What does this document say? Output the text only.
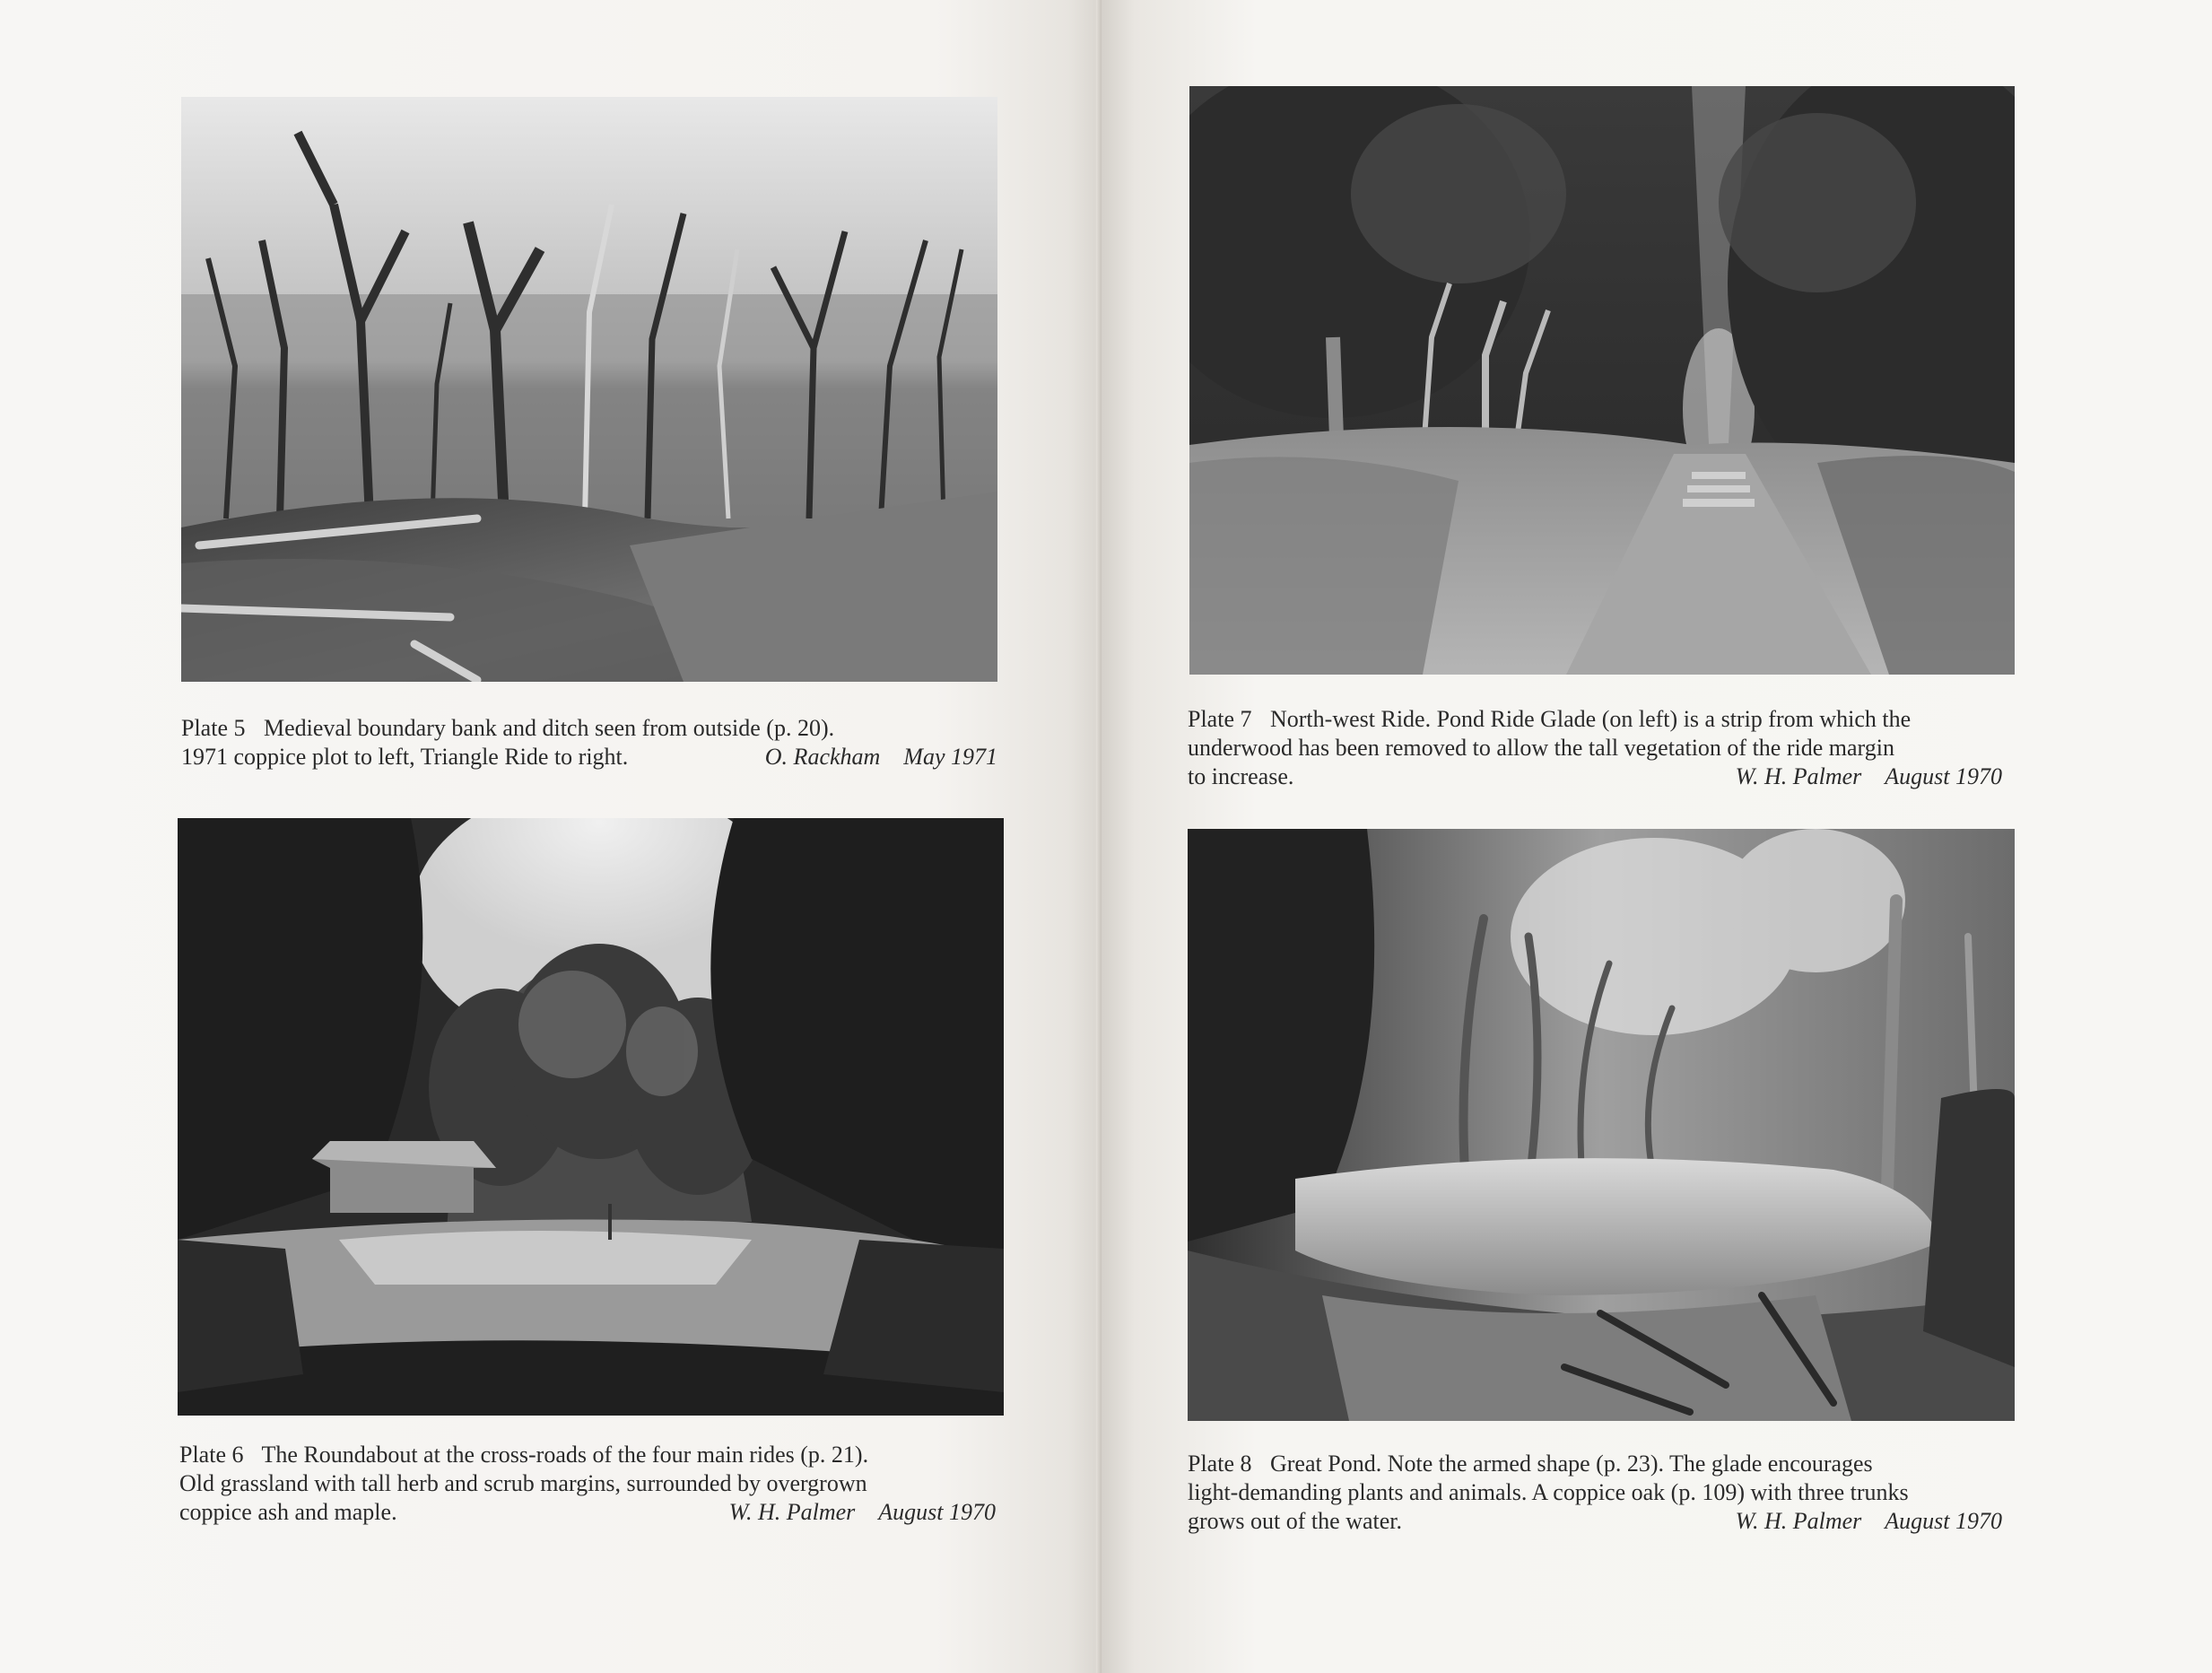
Plate 5 Medieval boundary bank and ditch seen from outside (p. 20).
1971 coppice plot to left, Triangle Ride to right.	O. Rackham May 1971
Plate 6 The Roundabout at the cross-roads of the four main rides (p. 21).
Old grassland with tall herb and scrub margins, surrounded by overgrown
coppice ash and maple.	W. H. Palmer August 1970
Plate 7 North-west Ride. Pond Ride Glade (on left) is a strip from which the
underwood has been removed to allow the tall vegetation of the ride margin
to increase.	W. H. Palmer August 1970
Plate 8 Great Pond. Note the armed shape (p. 23). The glade encourages
light-demanding plants and animals. A coppice oak (p. 109) with three trunks
grows out of the water.	W. H. Palmer August 1970
